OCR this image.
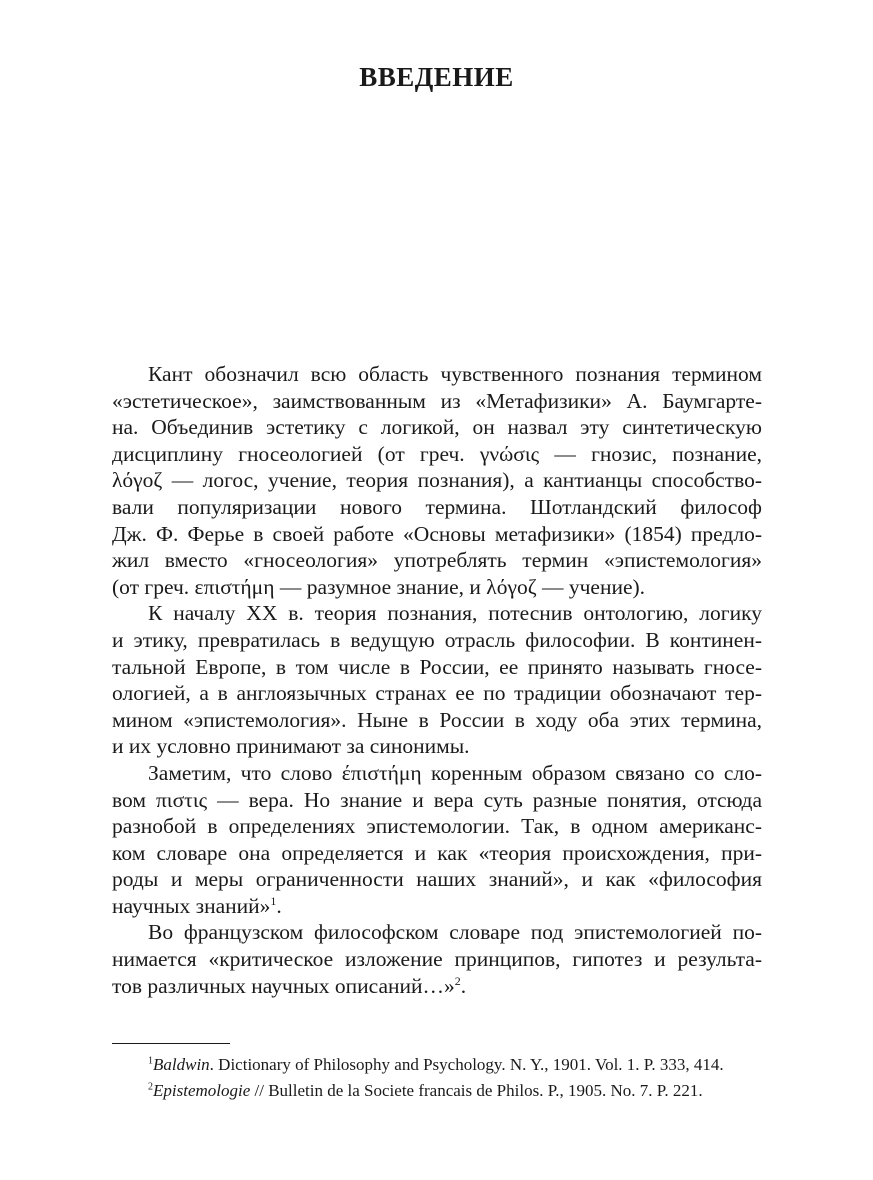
ВВЕДЕНИЕ
Кант обозначил всю область чувственного познания термином
«эстетическое», заимствованным из «Метафизики» А. Баумгарте-
на. Объединив эстетику с логикой, он назвал эту синтетическую
дисциплину гносеологией (от греч. γνώσις — гнозис, познание,
λόγοζ — логос, учение, теория познания), а кантианцы способство-
вали популяризации нового термина. Шотландский философ
Дж. Ф. Ферье в своей работе «Основы метафизики» (1854) предло-
жил вместо «гносеология» употреблять термин «эпистемология»
(от греч. επιστήμη — разумное знание, и λόγοζ — учение).
К началу XX в. теория познания, потеснив онтологию, логику
и этику, превратилась в ведущую отрасль философии. В континен-
тальной Европе, в том числе в России, ее принято называть гносе-
ологией, а в англоязычных странах ее по традиции обозначают тер-
мином «эпистемология». Ныне в России в ходу оба этих термина,
и их условно принимают за синонимы.
Заметим, что слово έπιστήμη коренным образом связано со сло-
вом πιστις — вера. Но знание и вера суть разные понятия, отсюда
разнобой в определениях эпистемологии. Так, в одном американс-
ком словаре она определяется и как «теория происхождения, при-
роды и меры ограниченности наших знаний», и как «философия
научных знаний»$^1$.
Во французском философском словаре под эпистемологией по-
нимается «критическое изложение принципов, гипотез и результа-
тов различных научных описаний…»$^2$.
$^1$Baldwin. Dictionary of Philosophy and Psychology. N. Y., 1901. Vol. 1. P. 333, 414.
$^2$Epistemologie // Bulletin de la Societe francais de Philos. P., 1905. No. 7. P. 221.
